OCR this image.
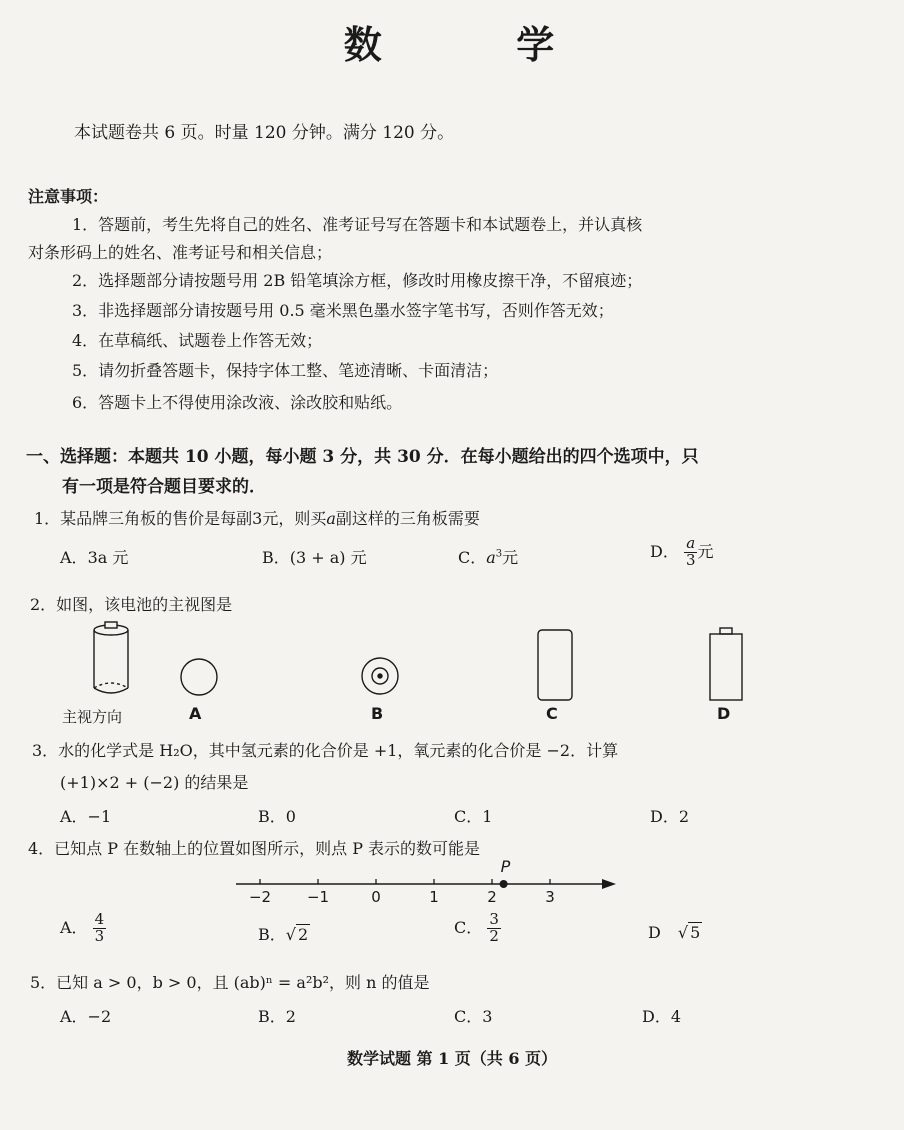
数	学
本试题卷共 6 页。时量 120 分钟。满分 120 分。
注意事项：
1．答题前，考生先将自己的姓名、准考证号写在答题卡和本试题卷上，并认真核
对条形码上的姓名、准考证号和相关信息；
2．选择题部分请按题号用 2B 铅笔填涂方框，修改时用橡皮擦干净，不留痕迹；
3．非选择题部分请按题号用 0.5 毫米黑色墨水签字笔书写，否则作答无效；
4．在草稿纸、试题卷上作答无效；
5．请勿折叠答题卡，保持字体工整、笔迹清晰、卡面清洁；
6．答题卡上不得使用涂改液、涂改胶和贴纸。
一、选择题：本题共 10 小题，每小题 3 分，共 30 分．在每小题给出的四个选项中，只
有一项是符合题目要求的．
1．某品牌三角板的售价是每副3元，则买a副这样的三角板需要
A．3a 元	B．(3 + a) 元	C．$a^3$元	D． $\frac{a}{3}$ 元
2．如图，该电池的主视图是
主视方向	A	B	C	D
3．水的化学式是 H₂O，其中氢元素的化合价是 +1，氧元素的化合价是 −2．计算
(+1)×2 + (−2) 的结果是
A．−1	B．0	C．1	D．2
4．已知点 P 在数轴上的位置如图所示，则点 P 表示的数可能是
−2 −1	0	1	2	3
P
A． $\frac{4}{3}$	B． √ 2	C． $\frac{3}{2}$	D √ 5
5．已知 a > 0，b > 0，且 (ab)ⁿ = a²b²，则 n 的值是
A．−2	B．2	C．3	D．4
数学试题 第 1 页（共 6 页）
